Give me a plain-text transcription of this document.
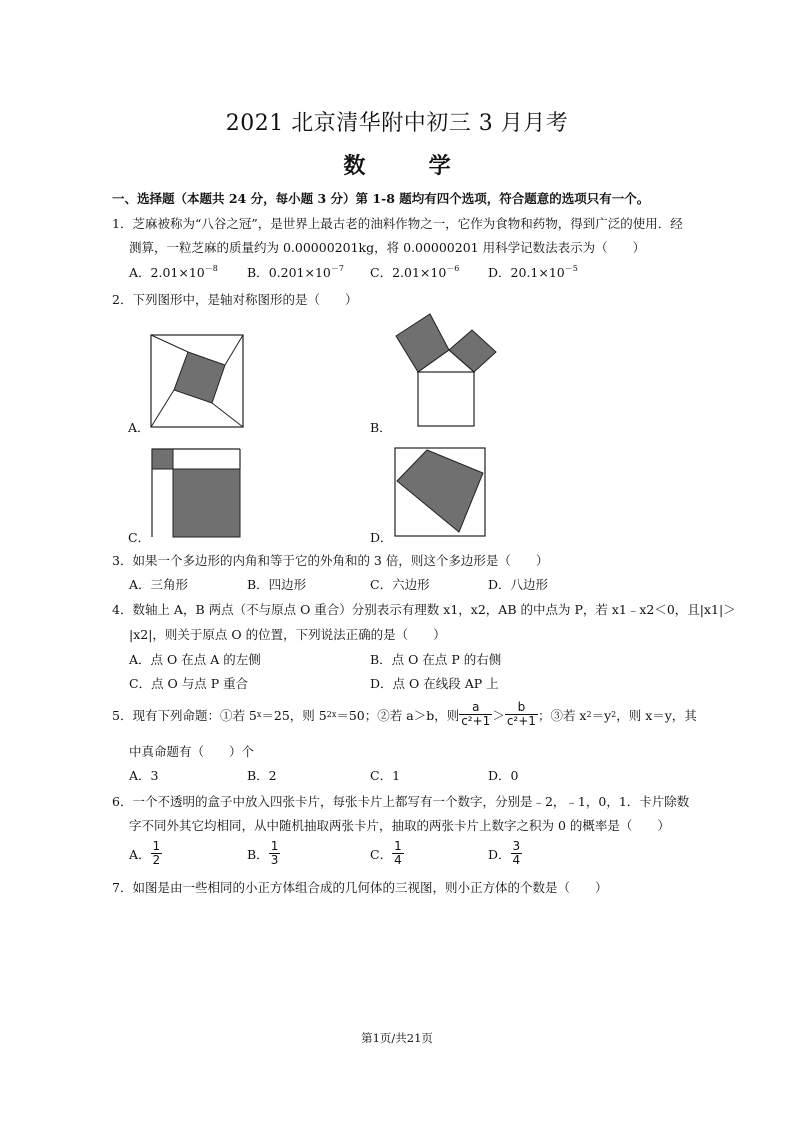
2021 北京清华附中初三 3 月月考
数	学
一、选择题（本题共 24 分，每小题 3 分）第 1-8 题均有四个选项，符合题意的选项只有一个。
1．芝麻被称为“八谷之冠”，是世界上最古老的油料作物之一，它作为食物和药物，得到广泛的使用．经
测算，一粒芝麻的质量约为 0.00000201kg，将 0.00000201 用科学记数法表示为（　　）
A．$2.01\times 10^{-8}$ B．$0.201\times 10^{-7}$ C．$2.01\times 10^{-6}$ D．$20.1\times 10^{-5}$
2．下列图形中，是轴对称图形的是（　　）
A．	B．
C．	D．
3．如果一个多边形的内角和等于它的外角和的 3 倍，则这个多边形是（　　）
A．三角形	B．四边形	C．六边形	D．八边形
4．数轴上 A，B 两点（不与原点 O 重合）分别表示有理数 x1，x2，AB 的中点为 P，若 x1﹣x2＜0，且|x1|＞
|x2|，则关于原点 O 的位置，下列说法正确的是（　　）
A．点 O 在点 A 的左侧	B．点 O 在点 P 的右侧
C．点 O 与点 P 重合	D．点 O 在线段 AP 上
5．现有下列命题：①若 5 x ＝25，则 5 2x ＝50；②若 a＞b，则 $\frac{a}{\text{c²+1}} > \frac{b}{\text{c²+1}}$ ；③若 x 2 ＝y 2 ，则 x＝y，其
中真命题有（　　）个
A．3	B．2	C．1	D．0
6．一个不透明的盒子中放入四张卡片，每张卡片上都写有一个数字，分别是﹣2，﹣1，0，1．卡片除数
字不同外其它均相同，从中随机抽取两张卡片，抽取的两张卡片上数字之积为 0 的概率是（　　）
A． $\frac{1}{2}$	B． $\frac{1}{3}$	C． $\frac{1}{4}$	D． $\frac{3}{4}$
7．如图是由一些相同的小正方体组合成的几何体的三视图，则小正方体的个数是（　　）
第1页/共21页
